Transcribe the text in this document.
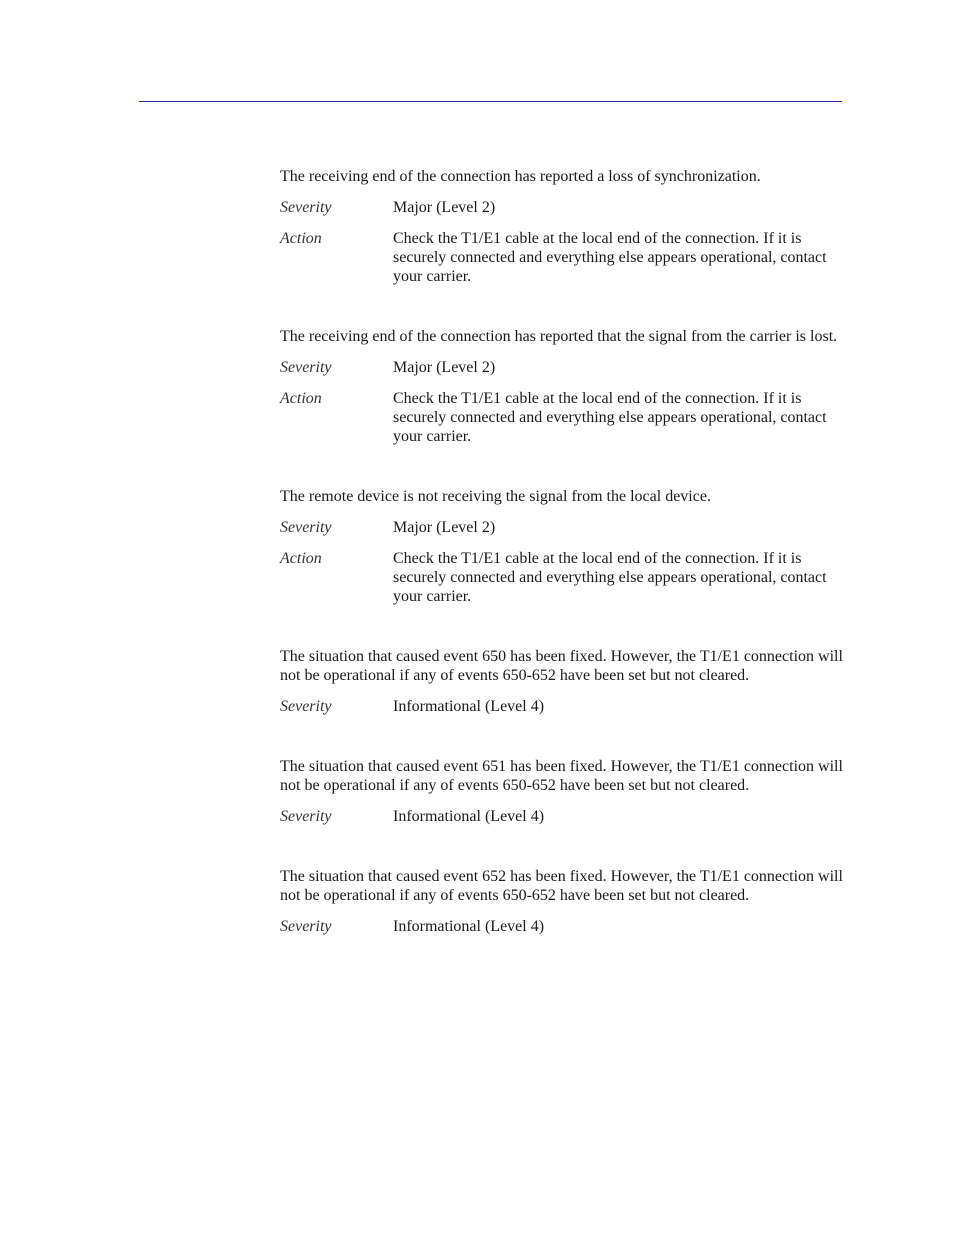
The receiving end of the connection has reported a loss of synchronization.

Severity	Major (Level 2)
Action	Check the T1/E1 cable at the local end of the connection. If it is securely connected and everything else appears operational, contact your carrier.

The receiving end of the connection has reported that the signal from the carrier is lost.

Severity	Major (Level 2)
Action	Check the T1/E1 cable at the local end of the connection. If it is securely connected and everything else appears operational, contact your carrier.

The remote device is not receiving the signal from the local device.

Severity	Major (Level 2)
Action	Check the T1/E1 cable at the local end of the connection. If it is securely connected and everything else appears operational, contact your carrier.

The situation that caused event 650 has been fixed. However, the T1/E1 connection will not be operational if any of events 650-652 have been set but not cleared.

Severity	Informational (Level 4)

The situation that caused event 651 has been fixed. However, the T1/E1 connection will not be operational if any of events 650-652 have been set but not cleared.

Severity	Informational (Level 4)

The situation that caused event 652 has been fixed. However, the T1/E1 connection will not be operational if any of events 650-652 have been set but not cleared.

Severity	Informational (Level 4)
